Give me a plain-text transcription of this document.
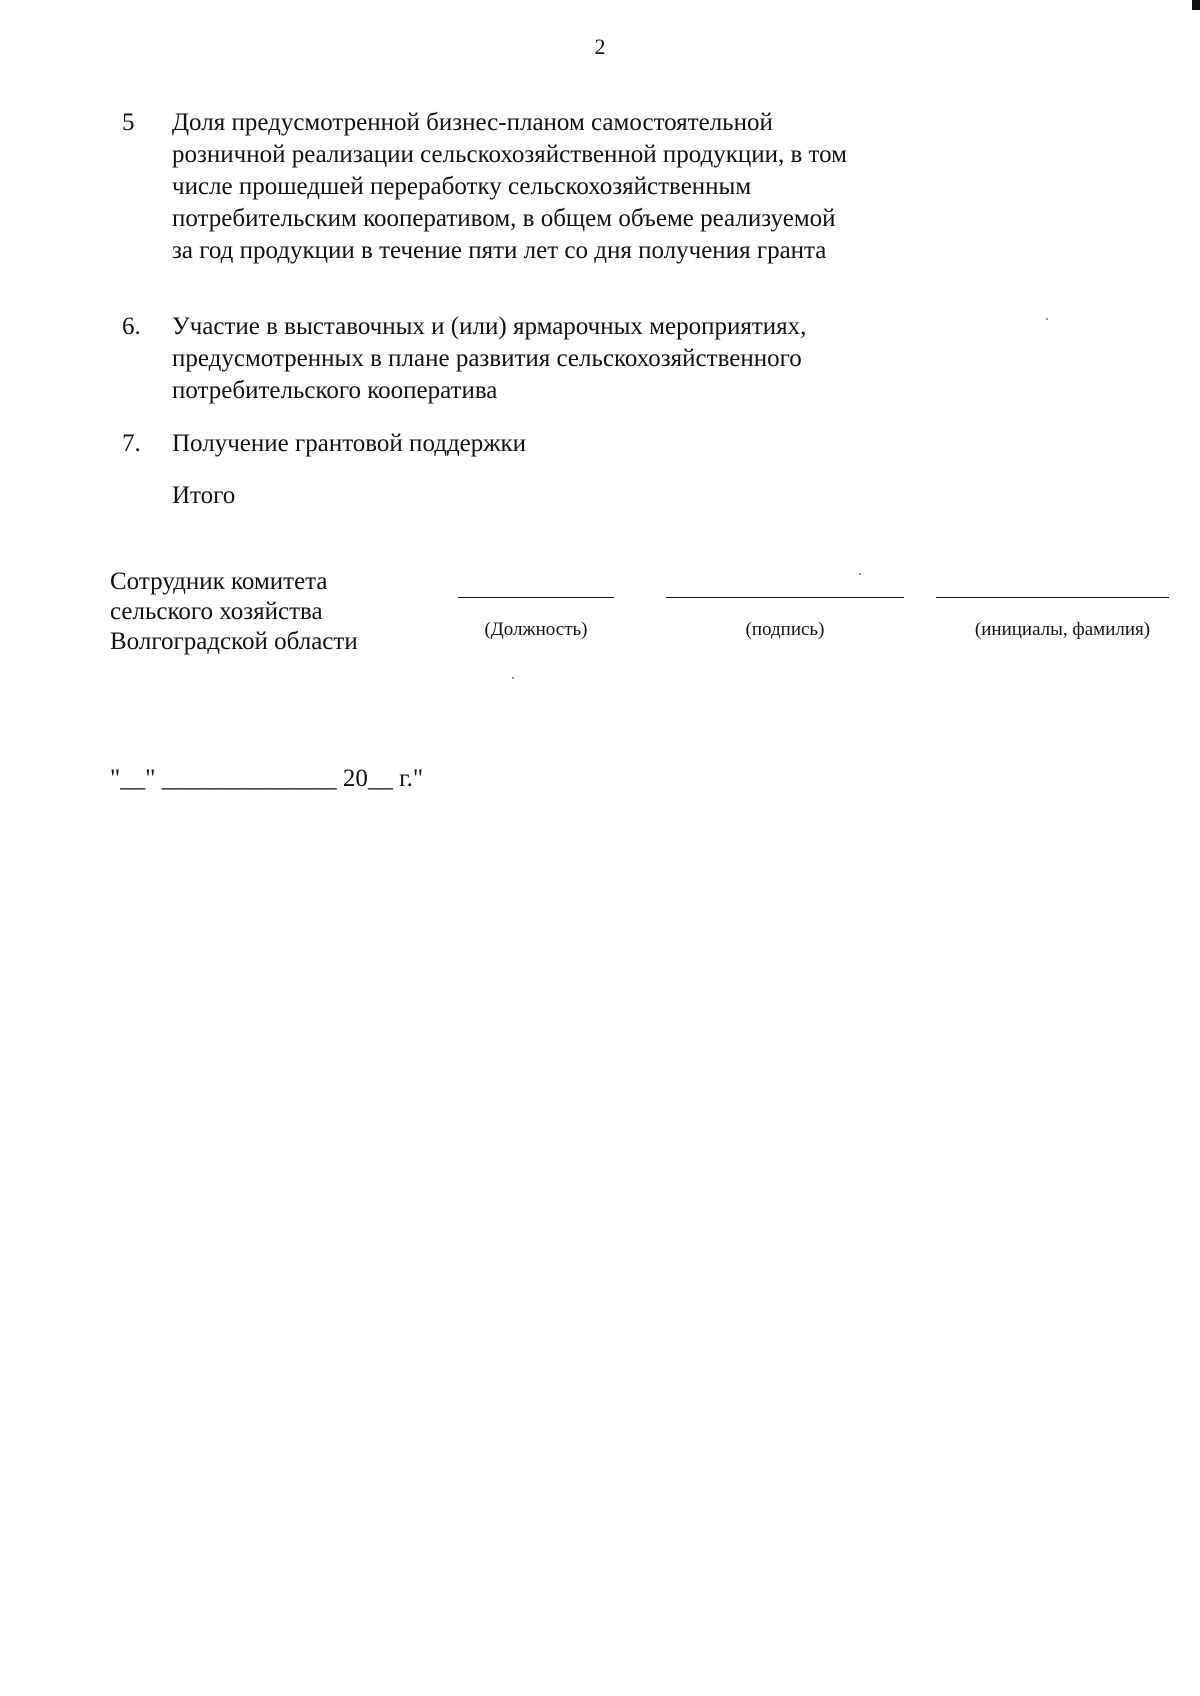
2
5	Доля предусмотренной бизнес-планом самостоятельной
розничной реализации сельскохозяйственной продукции, в том
числе прошедшей переработку сельскохозяйственным
потребительским кооперативом, в общем объеме реализуемой
за год продукции в течение пяти лет со дня получения гранта
6.	Участие в выставочных и (или) ярмарочных мероприятиях,
предусмотренных в плане развития сельскохозяйственного
потребительского кооператива
7.	Получение грантовой поддержки
Итого
Сотрудник комитета
сельского хозяйства
Волгоградской области	(Должность)	(подпись)	(инициалы, фамилия)
"__" ______________ 20__ г."
